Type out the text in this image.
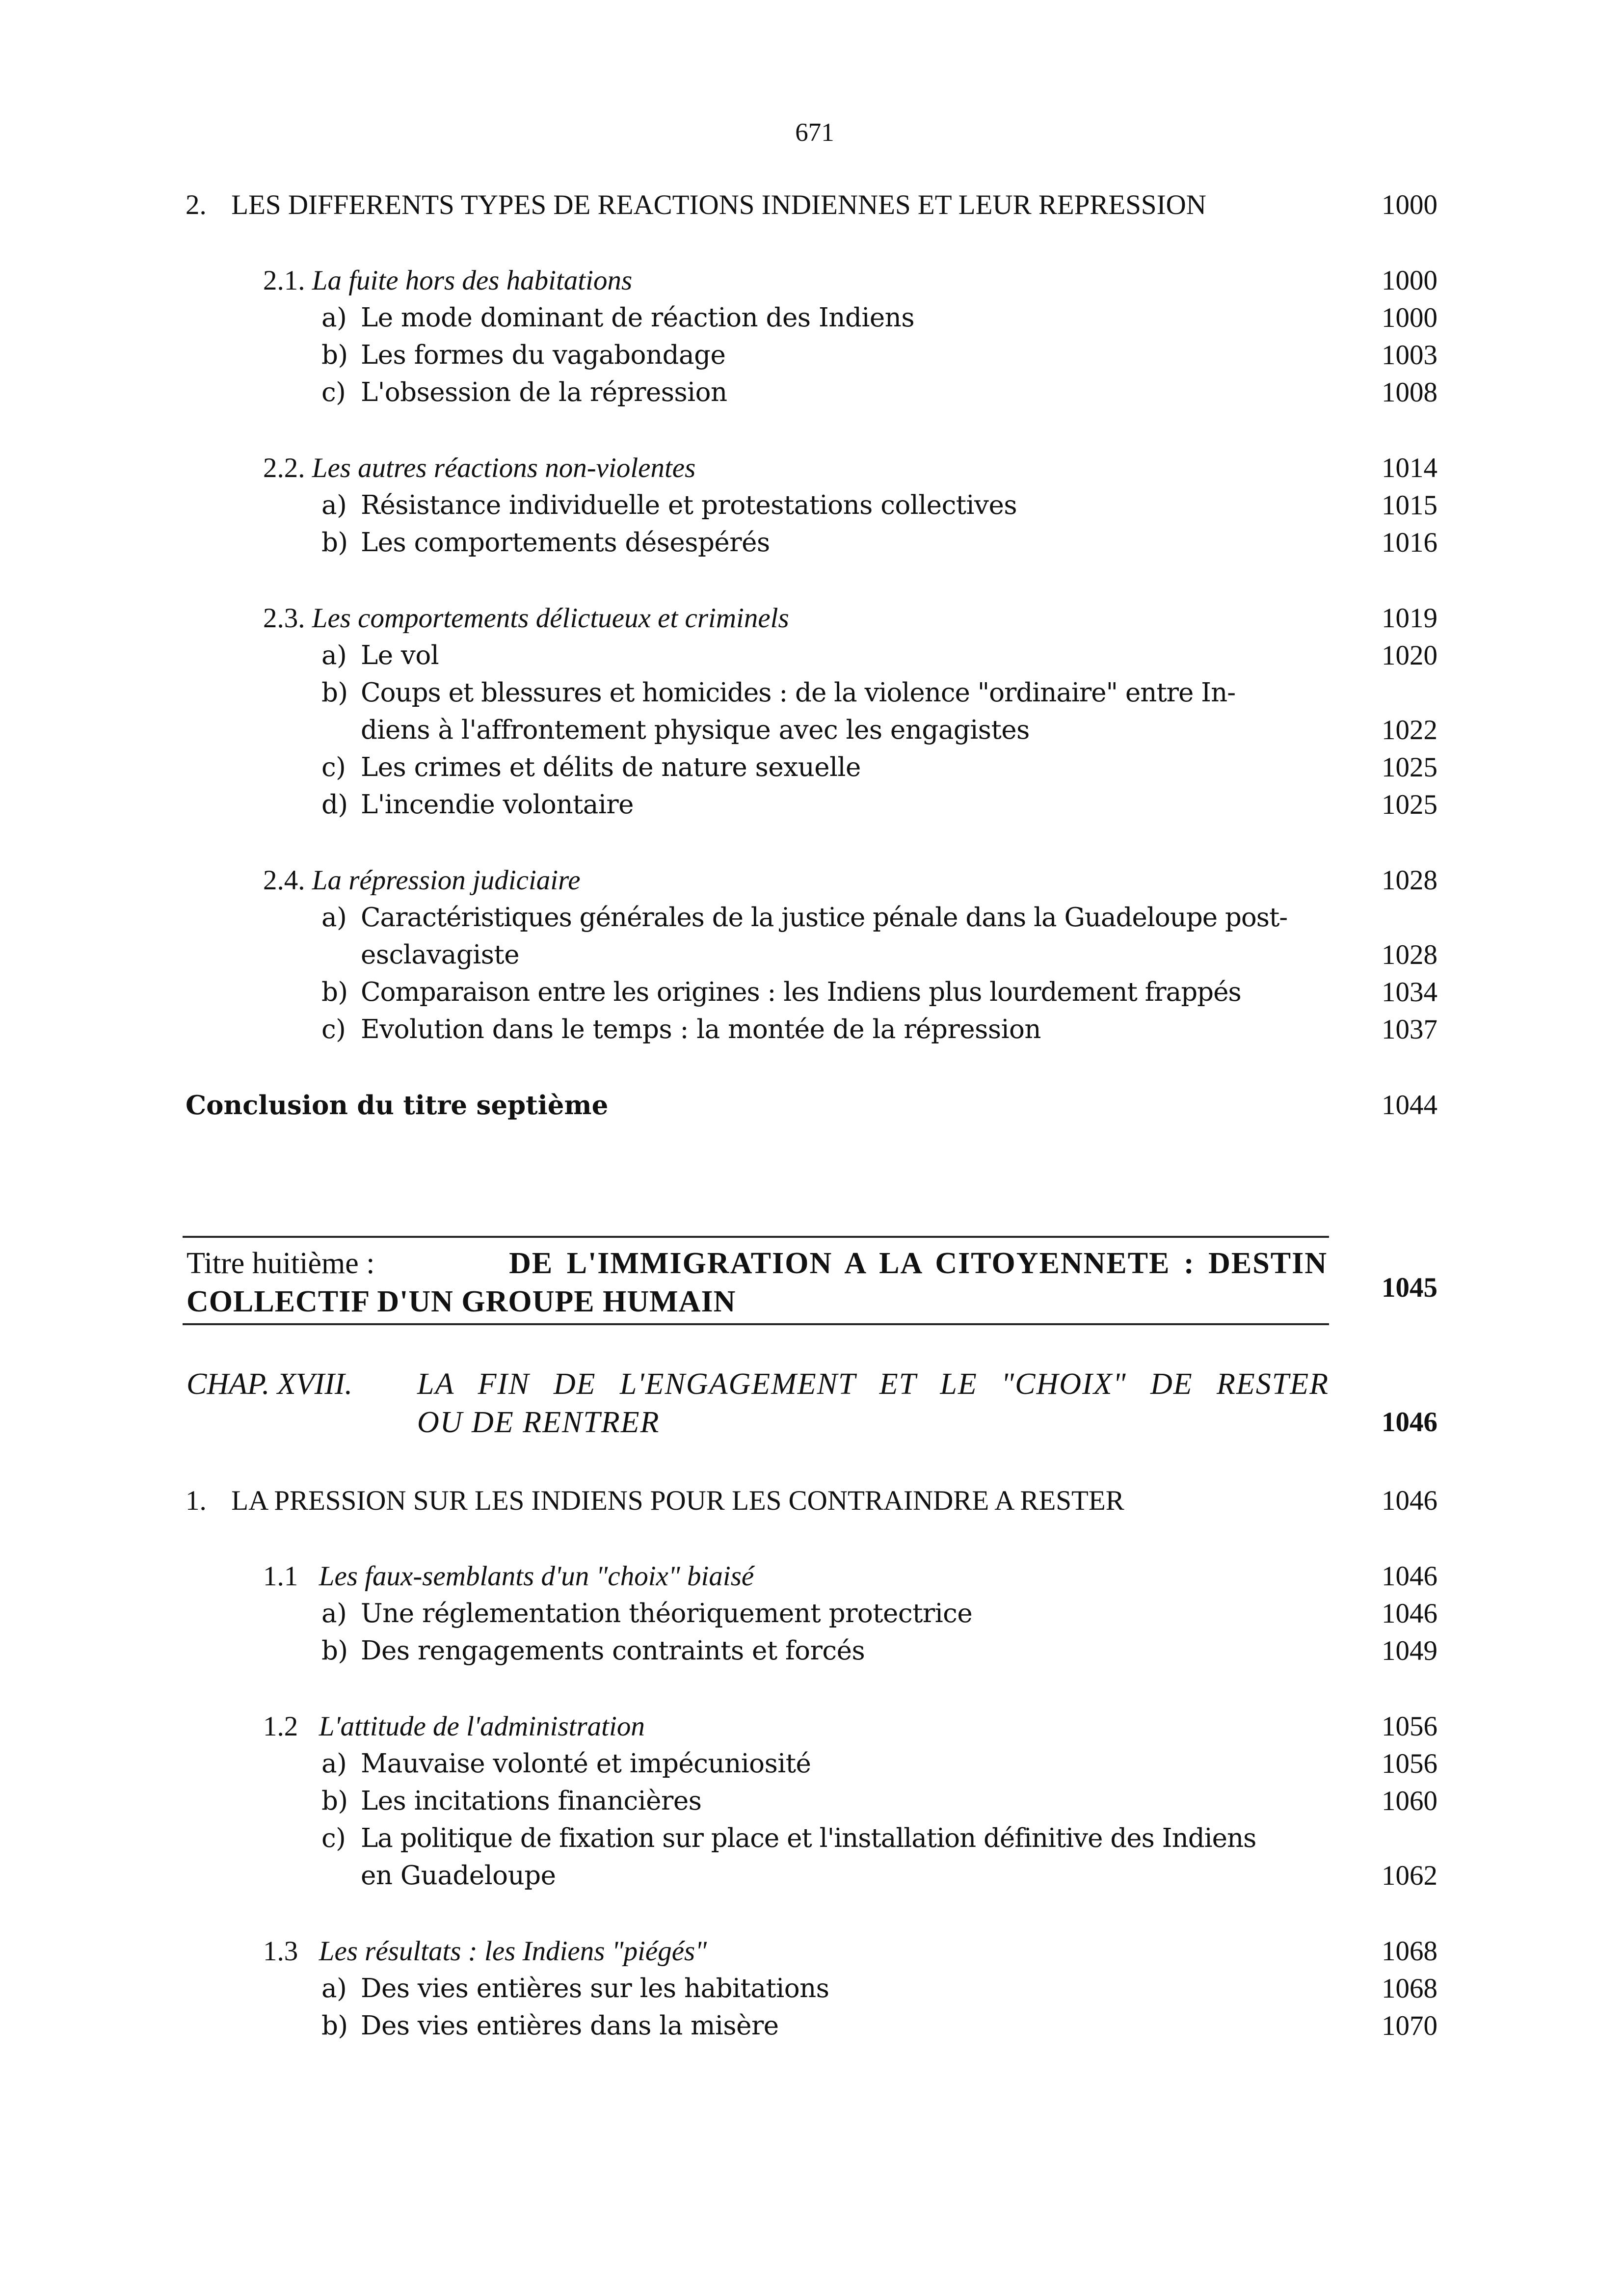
671
2. LES DIFFERENTS TYPES DE REACTIONS INDIENNES ET LEUR REPRESSION	1000
2.1. La fuite hors des habitations	1000
a) Le mode dominant de réaction des Indiens	1000
b) Les formes du vagabondage	1003
c) L'obsession de la répression	1008
2.2. Les autres réactions non-violentes	1014
a) Résistance individuelle et protestations collectives	1015
b) Les comportements désespérés	1016
2.3. Les comportements délictueux et criminels	1019
a) Le vol	1020
b) Coups et blessures et homicides : de la violence "ordinaire" entre In-
diens à l'affrontement physique avec les engagistes	1022
c) Les crimes et délits de nature sexuelle	1025
d) L'incendie volontaire	1025
2.4. La répression judiciaire	1028
a) Caractéristiques générales de la justice pénale dans la Guadeloupe post-
esclavagiste	1028
b) Comparaison entre les origines : les Indiens plus lourdement frappés	1034
c) Evolution dans le temps : la montée de la répression	1037
Conclusion du titre septième	1044
Titre huitième :	DE L'IMMIGRATION A LA CITOYENNETE : DESTIN
COLLECTIF D'UN GROUPE HUMAIN	1045
CHAP. XVIII. LA FIN DE L'ENGAGEMENT ET LE "CHOIX" DE RESTER
OU DE RENTRER	1046
1. LA PRESSION SUR LES INDIENS POUR LES CONTRAINDRE A RESTER	1046
1.1 Les faux-semblants d'un "choix" biaisé	1046
a) Une réglementation théoriquement protectrice	1046
b) Des rengagements contraints et forcés	1049
1.2 L'attitude de l'administration	1056
a) Mauvaise volonté et impécuniosité	1056
b) Les incitations financières	1060
c) La politique de fixation sur place et l'installation définitive des Indiens
en Guadeloupe	1062
1.3 Les résultats : les Indiens "piégés"	1068
a) Des vies entières sur les habitations	1068
b) Des vies entières dans la misère	1070
